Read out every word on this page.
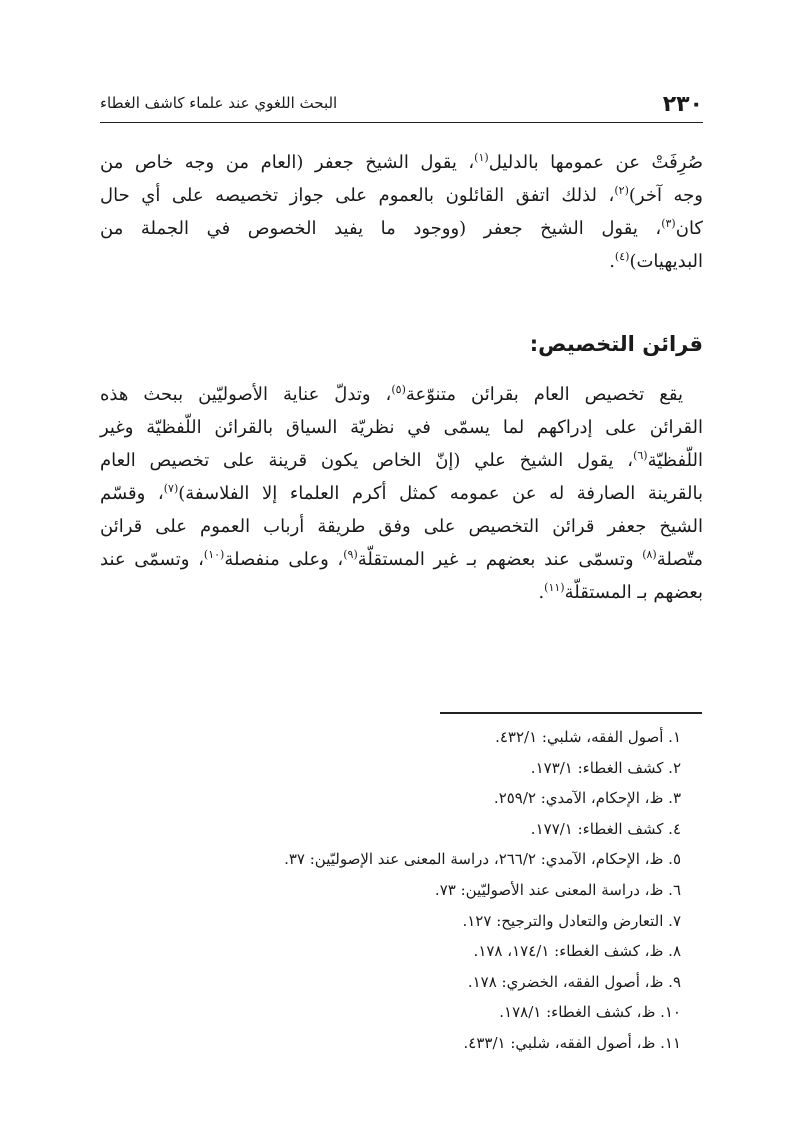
٢٣٠
البحث اللغوي عند علماء كاشف الغطاء

صُرِفَتْ عن عمومها بالدليل$^{(١)}$، يقول الشيخ جعفر (العام من وجه خاص من
وجه آخر)$^{(٢)}$، لذلك اتفق القائلون بالعموم على جواز تخصيصه على أي حال
كان$^{(٣)}$، يقول الشيخ جعفر (ووجود ما يفيد الخصوص في الجملة من
البديهيات)$^{(٤)}$.

قرائن التخصيص:
يقع تخصيص العام بقرائن متنوّعة$^{(٥)}$، وتدلّ عناية الأصوليّين ببحث هذه
القرائن على إدراكهم لما يسمّى في نظريّة السياق بالقرائن اللّفظيّة وغير
اللّفظيّة$^{(٦)}$، يقول الشيخ علي (إنّ الخاص يكون قرينة على تخصيص العام
بالقرينة الصارفة له عن عمومه كمثل أكرم العلماء إلا الفلاسفة)$^{(٧)}$، وقسّم
الشيخ جعفر قرائن التخصيص على وفق طريقة أرباب العموم على قرائن
متّصلة$^{(٨)}$ وتسمّى عند بعضهم بـ غير المستقلّة$^{(٩)}$، وعلى منفصلة$^{(١٠)}$، وتسمّى عند
بعضهم بـ المستقلّة$^{(١١)}$.
١. أصول الفقه، شلبي: ٤٣٢/١.
٢. كشف الغطاء: ١٧٣/١.
٣. ظ، الإحكام، الآمدي: ٢٥٩/٢.
٤. كشف الغطاء: ١٧٧/١.
٥. ظ، الإحكام، الآمدي: ٢٦٦/٢، دراسة المعنى عند الإصوليّين: ٣٧.
٦. ظ، دراسة المعنى عند الأصوليّين: ٧٣.
٧. التعارض والتعادل والترجيح: ١٢٧.
٨. ظ، كشف الغطاء: ١٧٤/١، ١٧٨.
٩. ظ، أصول الفقه، الخضري: ١٧٨.
١٠. ظ، كشف الغطاء: ١٧٨/١.
١١. ظ، أصول الفقه، شلبي: ٤٣٣/١.
